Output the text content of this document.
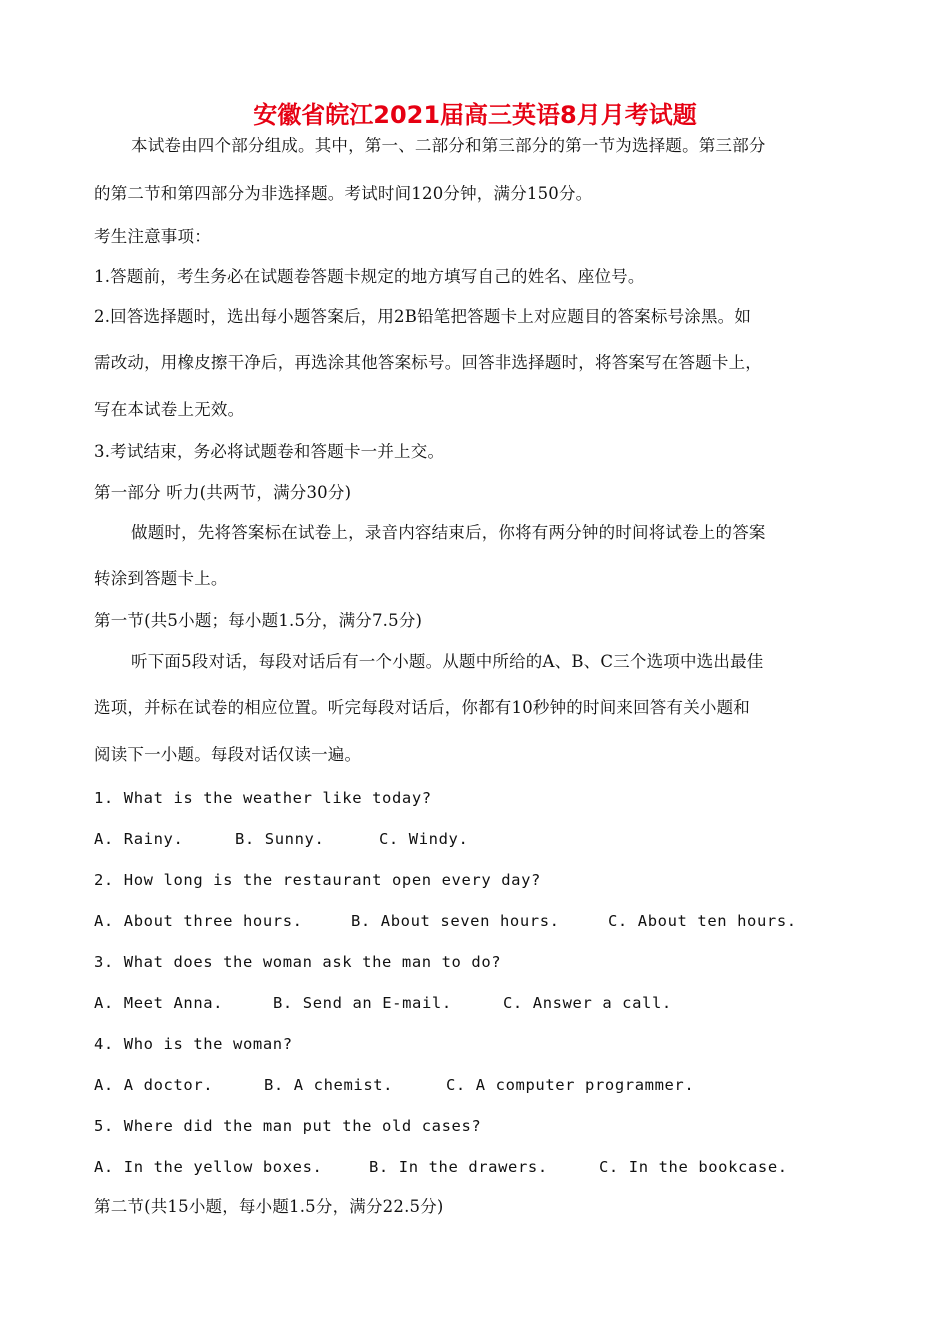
安徽省皖江2021届高三英语8月月考试题
本试卷由四个部分组成。其中，第一、二部分和第三部分的第一节为选择题。第三部分
的第二节和第四部分为非选择题。考试时间120分钟，满分150分。
考生注意事项：
1.答题前，考生务必在试题卷答题卡规定的地方填写自己的姓名、座位号。
2.回答选择题时，选出每小题答案后，用2B铅笔把答题卡上对应题目的答案标号涂黑。如
需改动，用橡皮擦干净后，再选涂其他答案标号。回答非选择题时，将答案写在答题卡上，
写在本试卷上无效。
3.考试结束，务必将试题卷和答题卡一并上交。
第一部分 听力(共两节，满分30分)
做题时，先将答案标在试卷上，录音内容结束后，你将有两分钟的时间将试卷上的答案
转涂到答题卡上。
第一节(共5小题；每小题1.5分，满分7.5分)
听下面5段对话，每段对话后有一个小题。从题中所给的A、B、C三个选项中选出最佳
选项，并标在试卷的相应位置。听完每段对话后，你都有10秒钟的时间来回答有关小题和
阅读下一小题。每段对话仅读一遍。
1. What is the weather like today?
A. Rainy.	B. Sunny.	C. Windy.
2. How long is the restaurant open every day?
A. About three hours.	B. About seven hours.	C. About ten hours.
3. What does the woman ask the man to do?
A. Meet Anna.	B. Send an E-mail.	C. Answer a call.
4. Who is the woman?
A. A doctor.	B. A chemist.	C. A computer programmer.
5. Where did the man put the old cases?
A. In the yellow boxes.	B. In the drawers.	C. In the bookcase.
第二节(共15小题，每小题1.5分，满分22.5分)
